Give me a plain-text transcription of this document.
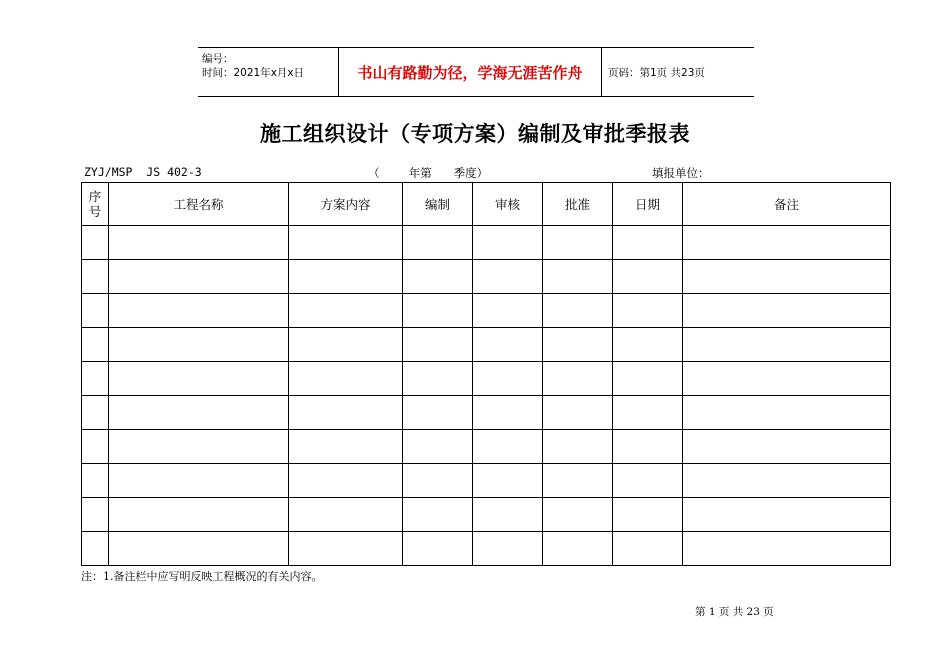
编号：
时间：2021年x月x日	书山有路勤为径，学海无涯苦作舟	页码：第1页 共23页
施工组织设计（专项方案）编制及审批季报表
ZYJ/MSP  JS 402-3	（        年第      季度）	填报单位：
序
号	工程名称	方案内容	编制	审核	批准	日期	备注

注：1.备注栏中应写明反映工程概况的有关内容。
第 1 页 共 23 页
